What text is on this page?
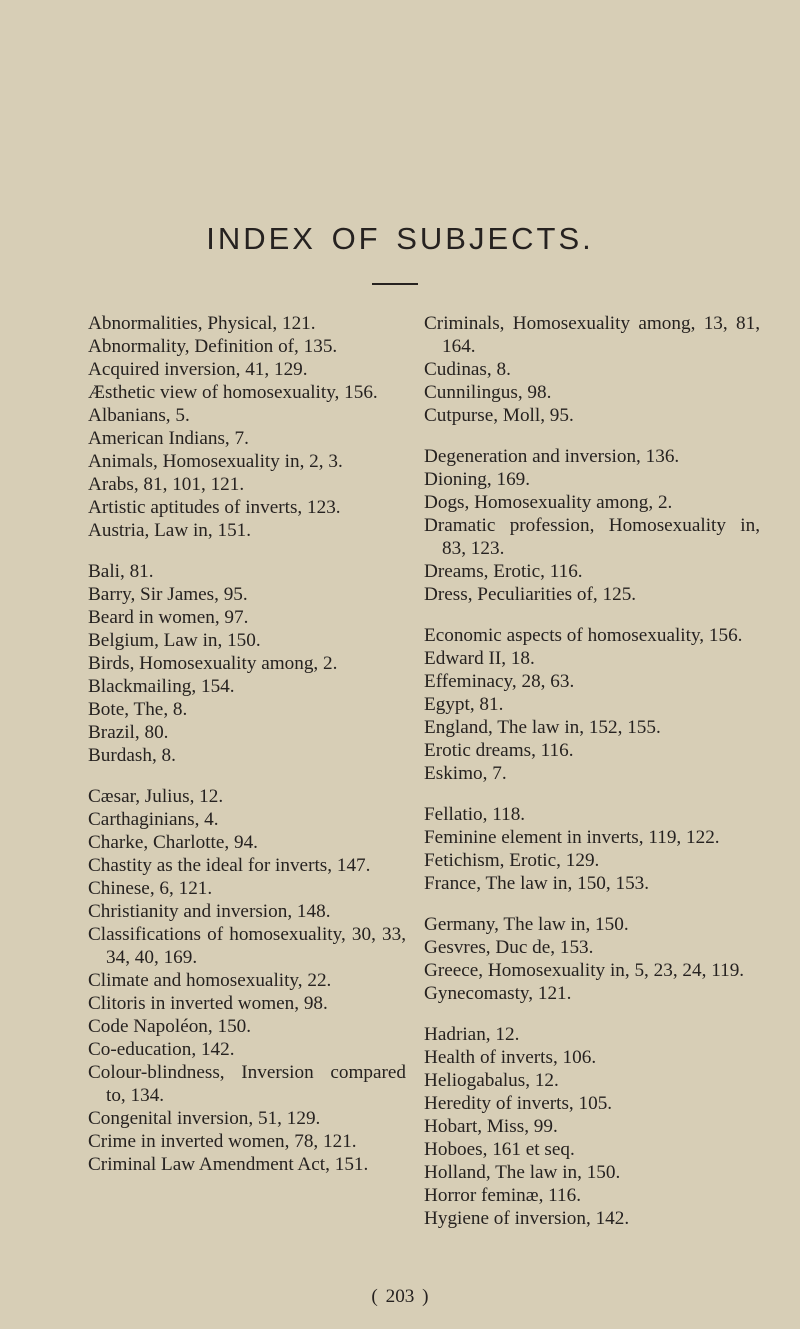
INDEX OF SUBJECTS.

Abnormalities, Physical, 121.

Abnormality, Definition of, 135.

Acquired inversion, 41, 129.

Æsthetic view of homosexuality, 156.

Albanians, 5.

American Indians, 7.

Animals, Homosexuality in, 2, 3.

Arabs, 81, 101, 121.

Artistic aptitudes of inverts, 123.

Austria, Law in, 151.

Bali, 81.

Barry, Sir James, 95.

Beard in women, 97.

Belgium, Law in, 150.

Birds, Homosexuality among, 2.

Blackmailing, 154.

Bote, The, 8.

Brazil, 80.

Burdash, 8.

Cæsar, Julius, 12.

Carthaginians, 4.

Charke, Charlotte, 94.

Chastity as the ideal for inverts, 147.

Chinese, 6, 121.

Christianity and inversion, 148.

Classifications of homosexuality, 30, 33, 34, 40, 169.

Climate and homosexuality, 22.

Clitoris in inverted women, 98.

Code Napoléon, 150.

Co-education, 142.

Colour-blindness, Inversion compared to, 134.

Congenital inversion, 51, 129.

Crime in inverted women, 78, 121.

Criminal Law Amendment Act, 151.

Criminals, Homosexuality among, 13, 81, 164.

Cudinas, 8.

Cunnilingus, 98.

Cutpurse, Moll, 95.

Degeneration and inversion, 136.

Dioning, 169.

Dogs, Homosexuality among, 2.

Dramatic profession, Homosexuality in, 83, 123.

Dreams, Erotic, 116.

Dress, Peculiarities of, 125.

Economic aspects of homosexuality, 156.

Edward II, 18.

Effeminacy, 28, 63.

Egypt, 81.

England, The law in, 152, 155.

Erotic dreams, 116.

Eskimo, 7.

Fellatio, 118.

Feminine element in inverts, 119, 122.

Fetichism, Erotic, 129.

France, The law in, 150, 153.

Germany, The law in, 150.

Gesvres, Duc de, 153.

Greece, Homosexuality in, 5, 23, 24, 119.

Gynecomasty, 121.

Hadrian, 12.

Health of inverts, 106.

Heliogabalus, 12.

Heredity of inverts, 105.

Hobart, Miss, 99.

Hoboes, 161 et seq.

Holland, The law in, 150.

Horror feminæ, 116.

Hygiene of inversion, 142.

( 203 )
